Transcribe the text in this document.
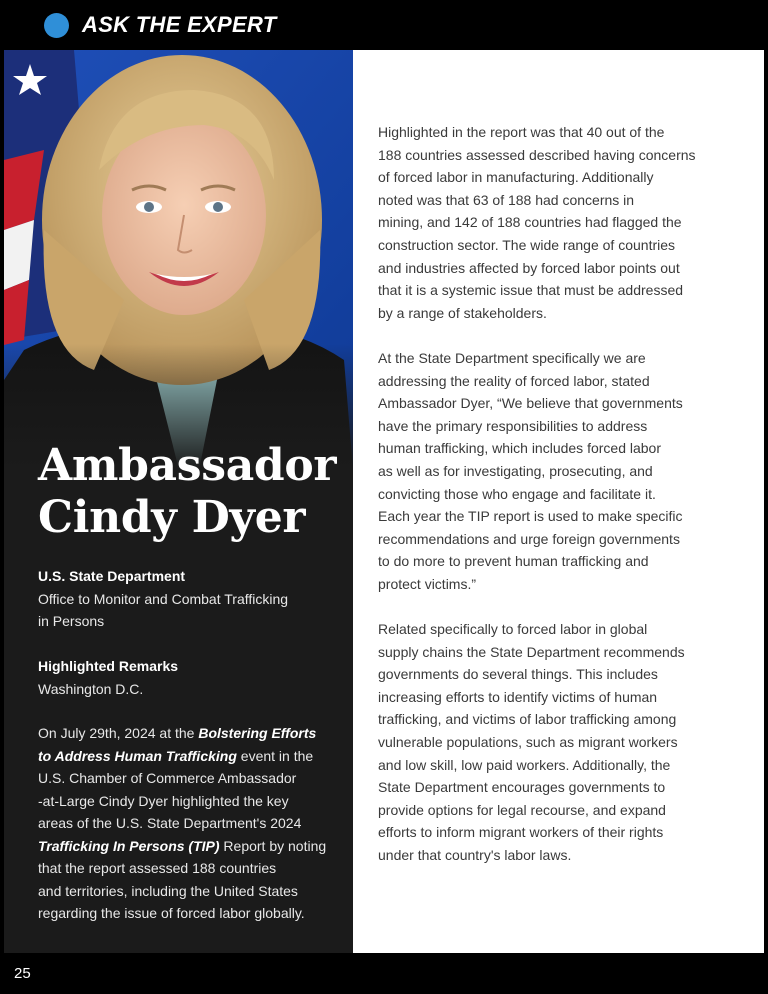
ASK THE EXPERT
Ambassador
Cindy Dyer
U.S. State Department
Office to Monitor and Combat Trafficking
in Persons
Highlighted Remarks
Washington D.C.
On July 29th, 2024 at the Bolstering Efforts
to Address Human Trafficking event in the
U.S. Chamber of Commerce Ambassador
-at-Large Cindy Dyer highlighted the key
areas of the U.S. State Department's 2024
Trafficking In Persons (TIP) Report by noting
that the report assessed 188 countries
and territories, including the United States
regarding the issue of forced labor globally.

Highlighted in the report was that 40 out of the
188 countries assessed described having concerns
of forced labor in manufacturing. Additionally
noted was that 63 of 188 had concerns in
mining, and 142 of 188 countries had flagged the
construction sector. The wide range of countries
and industries affected by forced labor points out
that it is a systemic issue that must be addressed
by a range of stakeholders.

At the State Department specifically we are
addressing the reality of forced labor, stated
Ambassador Dyer, “We believe that governments
have the primary responsibilities to address
human trafficking, which includes forced labor
as well as for investigating, prosecuting, and
convicting those who engage and facilitate it.
Each year the TIP report is used to make specific
recommendations and urge foreign governments
to do more to prevent human trafficking and
protect victims.”

Related specifically to forced labor in global
supply chains the State Department recommends
governments do several things. This includes
increasing efforts to identify victims of human
trafficking, and victims of labor trafficking among
vulnerable populations, such as migrant workers
and low skill, low paid workers. Additionally, the
State Department encourages governments to
provide options for legal recourse, and expand
efforts to inform migrant workers of their rights
under that country's labor laws.

25
